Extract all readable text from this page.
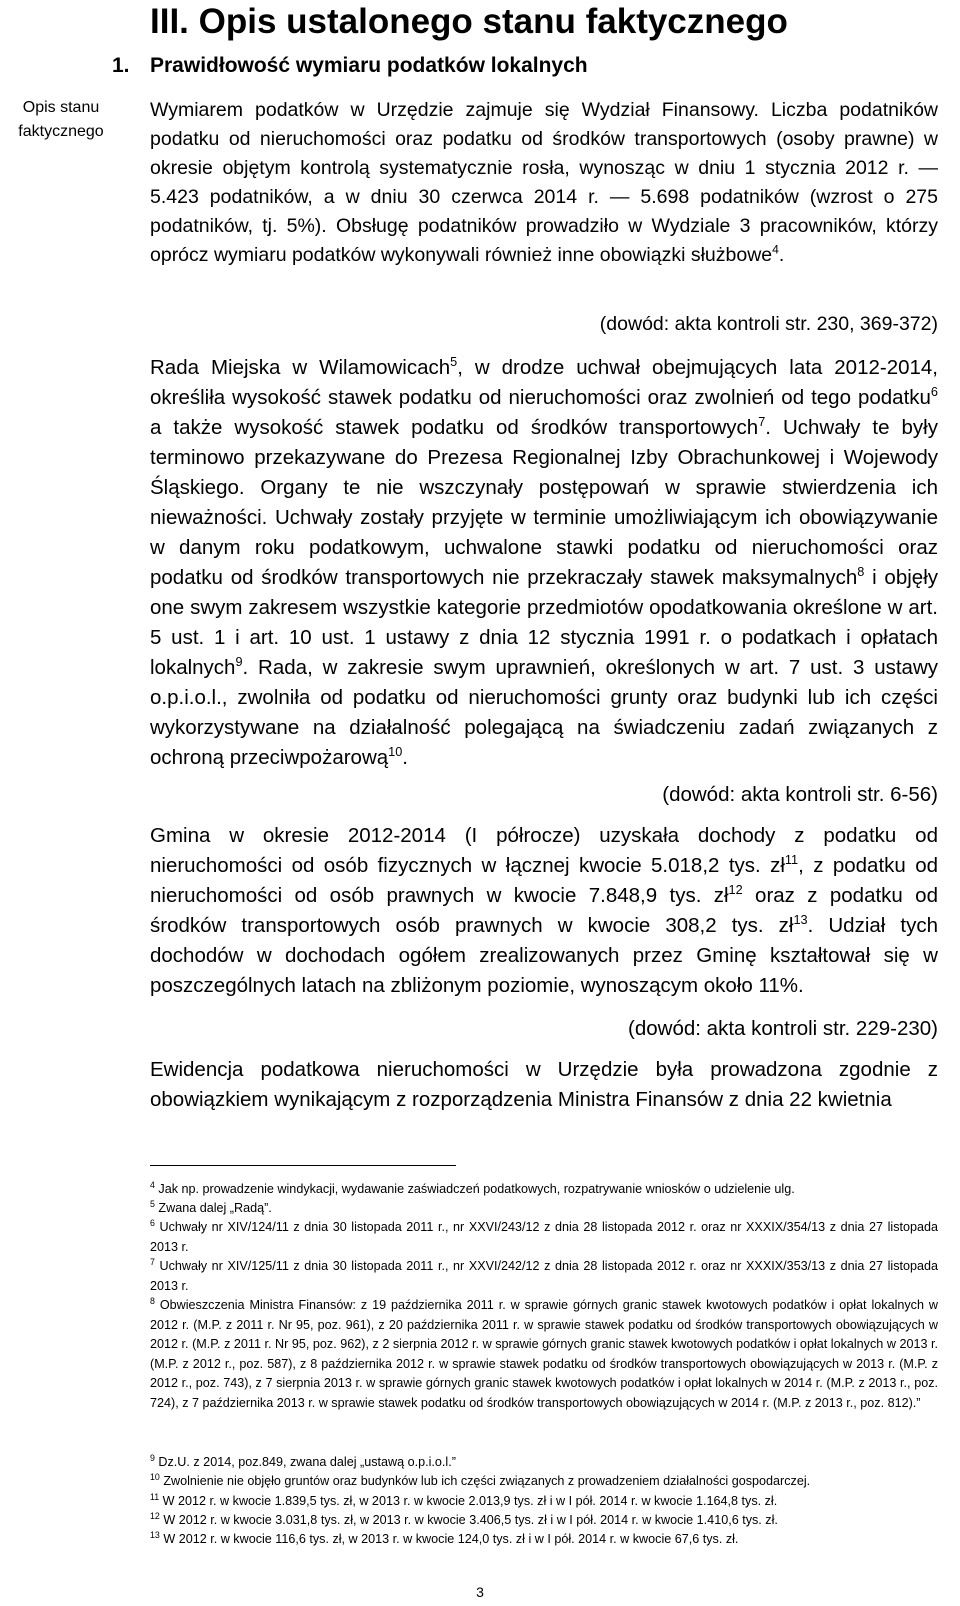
III. Opis ustalonego stanu faktycznego
1. Prawidłowość wymiaru podatków lokalnych
Opis stanu
faktycznego
Wymiarem podatków w Urzędzie zajmuje się Wydział Finansowy. Liczba podatników podatku od nieruchomości oraz podatku od środków transportowych (osoby prawne) w okresie objętym kontrolą systematycznie rosła, wynosząc w dniu 1 stycznia 2012 r. — 5.423 podatników, a w dniu 30 czerwca 2014 r. — 5.698 podatników (wzrost o 275 podatników, tj. 5%). Obsługę podatników prowadziło w Wydziale 3 pracowników, którzy oprócz wymiaru podatków wykonywali również inne obowiązki służbowe$^4$.
(dowód: akta kontroli str. 230, 369-372)
Rada Miejska w Wilamowicach$^5$, w drodze uchwał obejmujących lata 2012-2014, określiła wysokość stawek podatku od nieruchomości oraz zwolnień od tego podatku$^6$ a także wysokość stawek podatku od środków transportowych$^7$. Uchwały te były terminowo przekazywane do Prezesa Regionalnej Izby Obrachunkowej i Wojewody Śląskiego. Organy te nie wszczynały postępowań w sprawie stwierdzenia ich nieważności. Uchwały zostały przyjęte w terminie umożliwiającym ich obowiązywanie w danym roku podatkowym, uchwalone stawki podatku od nieruchomości oraz podatku od środków transportowych nie przekraczały stawek maksymalnych$^8$ i objęły one swym zakresem wszystkie kategorie przedmiotów opodatkowania określone w art. 5 ust. 1 i art. 10 ust. 1 ustawy z dnia 12 stycznia 1991 r. o podatkach i opłatach lokalnych$^9$. Rada, w zakresie swym uprawnień, określonych w art. 7 ust. 3 ustawy o.p.i.o.l., zwolniła od podatku od nieruchomości grunty oraz budynki lub ich części wykorzystywane na działalność polegającą na świadczeniu zadań związanych z ochroną przeciwpożarową$^{10}$.
(dowód: akta kontroli str. 6-56)
Gmina w okresie 2012-2014 (I półrocze) uzyskała dochody z podatku od nieruchomości od osób fizycznych w łącznej kwocie 5.018,2 tys. $zł^{11}$, z podatku od nieruchomości od osób prawnych w kwocie 7.848,9 tys. $zł^{12}$ oraz z podatku od środków transportowych osób prawnych w kwocie 308,2 tys. $zł^{13}$. Udział tych dochodów w dochodach ogółem zrealizowanych przez Gminę kształtował się w poszczególnych latach na zbliżonym poziomie, wynoszącym około 11%.
(dowód: akta kontroli str. 229-230)
Ewidencja podatkowa nieruchomości w Urzędzie była prowadzona zgodnie z obowiązkiem wynikającym z rozporządzenia Ministra Finansów z dnia 22 kwietnia
$^4$ Jak np. prowadzenie windykacji, wydawanie zaświadczeń podatkowych, rozpatrywanie wniosków o udzielenie ulg.
$^5$ Zwana dalej „Radą”.
$^6$ Uchwały nr XIV/124/11 z dnia 30 listopada 2011 r., nr XXVI/243/12 z dnia 28 listopada 2012 r. oraz nr XXXIX/354/13 z dnia 27 listopada 2013 r.
$^7$ Uchwały nr XIV/125/11 z dnia 30 listopada 2011 r., nr XXVI/242/12 z dnia 28 listopada 2012 r. oraz nr XXXIX/353/13 z dnia 27 listopada 2013 r.
$^8$ Obwieszczenia Ministra Finansów: z 19 października 2011 r. w sprawie górnych granic stawek kwotowych podatków i opłat lokalnych w 2012 r. (M.P. z 2011 r. Nr 95, poz. 961), z 20 października 2011 r. w sprawie stawek podatku od środków transportowych obowiązujących w 2012 r. (M.P. z 2011 r. Nr 95, poz. 962), z 2 sierpnia 2012 r. w sprawie górnych granic stawek kwotowych podatków i opłat lokalnych w 2013 r. (M.P. z 2012 r., poz. 587), z 8 października 2012 r. w sprawie stawek podatku od środków transportowych obowiązujących w 2013 r. (M.P. z 2012 r., poz. 743), z 7 sierpnia 2013 r. w sprawie górnych granic stawek kwotowych podatków i opłat lokalnych w 2014 r. (M.P. z 2013 r., poz. 724), z 7 października 2013 r. w sprawie stawek podatku od środków transportowych obowiązujących w 2014 r. (M.P. z 2013 r., poz. 812).”
$^9$ Dz.U. z 2014, poz.849, zwana dalej „ustawą o.p.i.o.l.”
$^{10}$ Zwolnienie nie objęło gruntów oraz budynków lub ich części związanych z prowadzeniem działalności gospodarczej.
$^{11}$ W 2012 r. w kwocie 1.839,5 tys. zł, w 2013 r. w kwocie 2.013,9 tys. zł i w I pół. 2014 r. w kwocie 1.164,8 tys. zł.
$^{12}$ W 2012 r. w kwocie 3.031,8 tys. zł, w 2013 r. w kwocie 3.406,5 tys. zł i w I pół. 2014 r. w kwocie 1.410,6 tys. zł.
$^{13}$ W 2012 r. w kwocie 116,6 tys. zł, w 2013 r. w kwocie 124,0 tys. zł i w I pół. 2014 r. w kwocie 67,6 tys. zł.
3
